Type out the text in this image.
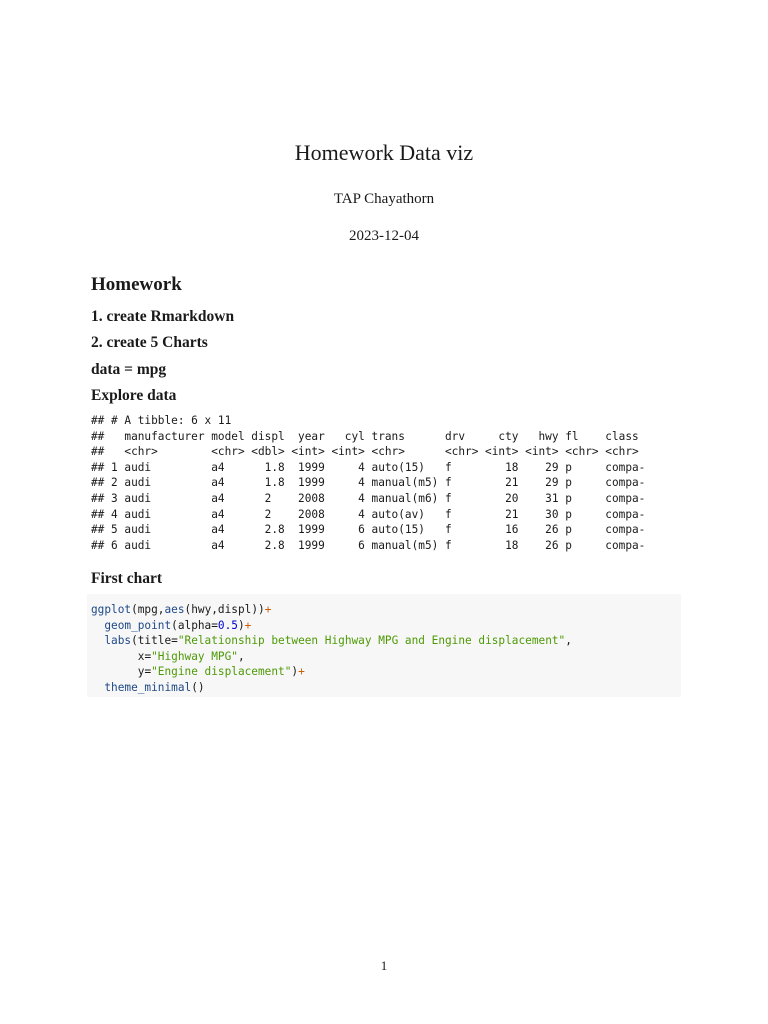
Homework Data viz

TAP Chayathorn

2023-12-04

Homework
1. create Rmarkdown
2. create 5 Charts
data = mpg
Explore data
## # A tibble: 6 x 11
##   manufacturer model displ  year   cyl trans      drv     cty   hwy fl    class
##   <chr>        <chr> <dbl> <int> <int> <chr>      <chr> <int> <int> <chr> <chr>
## 1 audi         a4      1.8  1999     4 auto(15)   f        18    29 p     compa-
## 2 audi         a4      1.8  1999     4 manual(m5) f        21    29 p     compa-
## 3 audi         a4      2    2008     4 manual(m6) f        20    31 p     compa-
## 4 audi         a4      2    2008     4 auto(av)   f        21    30 p     compa-
## 5 audi         a4      2.8  1999     6 auto(15)   f        16    26 p     compa-
## 6 audi         a4      2.8  1999     6 manual(m5) f        18    26 p     compa-
First chart
ggplot(mpg,aes(hwy,displ))+
geom_point(alpha=0.5)+
labs(title="Relationship between Highway MPG and Engine displacement",
x="Highway MPG",
y="Engine displacement")+
theme_minimal()

1
